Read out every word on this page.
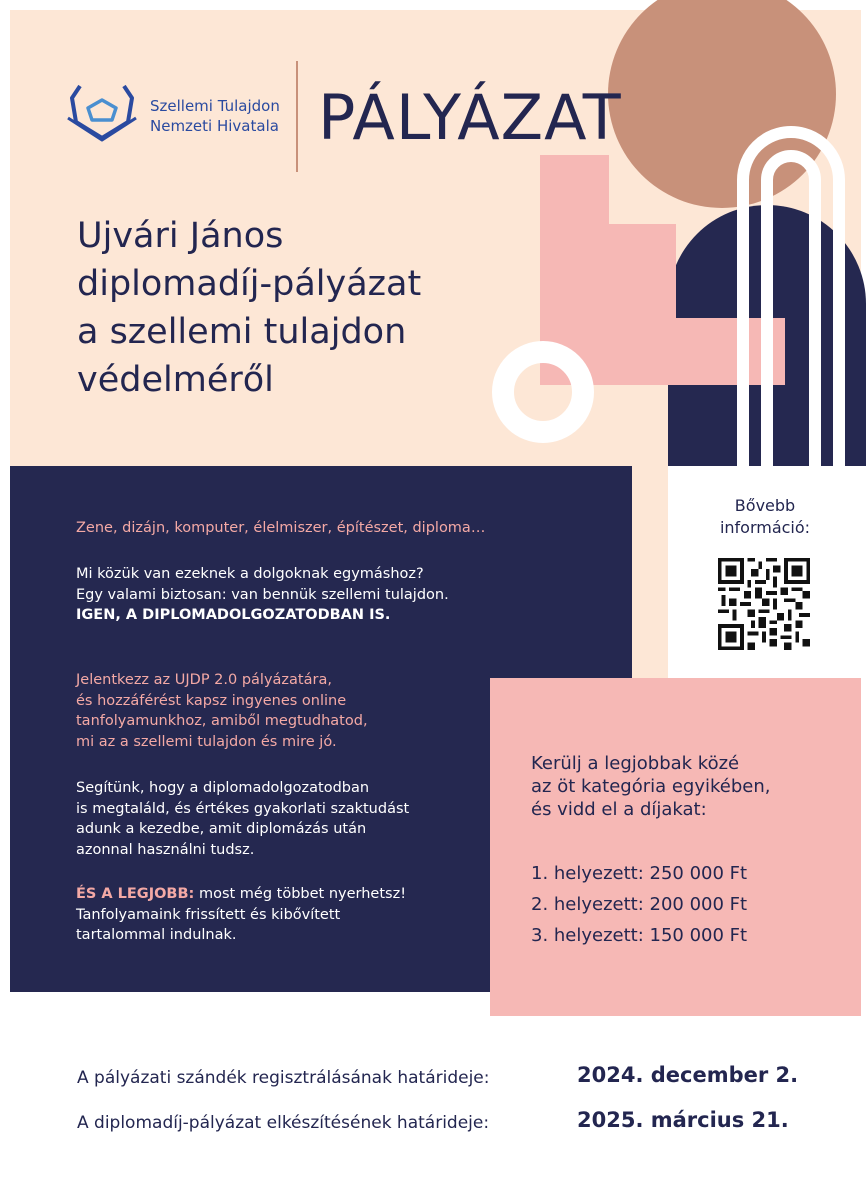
Szellemi Tulajdon
Nemzeti Hivatala PÁLYÁZAT
Ujvári János
diplomadíj-pályázat
a szellemi tulajdon
védelméről
Zene, dizájn, komputer, élelmiszer, építészet, diploma…
Mi közük van ezeknek a dolgoknak egymáshoz?
Egy valami biztosan: van bennük szellemi tulajdon.
IGEN, A DIPLOMADOLGOZATODBAN IS.
Jelentkezz az UJDP 2.0 pályázatára,
és hozzáférést kapsz ingyenes online
tanfolyamunkhoz, amiből megtudhatod,
mi az a szellemi tulajdon és mire jó.
Segítünk, hogy a diplomadolgozatodban
is megtaláld, és értékes gyakorlati szaktudást
adunk a kezedbe, amit diplomázás után
azonnal használni tudsz.
ÉS A LEGJOBB: most még többet nyerhetsz!
Tanfolyamaink frissített és kibővített
tartalommal indulnak.
Bővebb
információ:
Kerülj a legjobbak közé
az öt kategória egyikében,
és vidd el a díjakat:
1. helyezett: 250 000 Ft
2. helyezett: 200 000 Ft
3. helyezett: 150 000 Ft
A pályázati szándék regisztrálásának határideje:	2024. december 2.
A diplomadíj-pályázat elkészítésének határideje:	2025. március 21.
